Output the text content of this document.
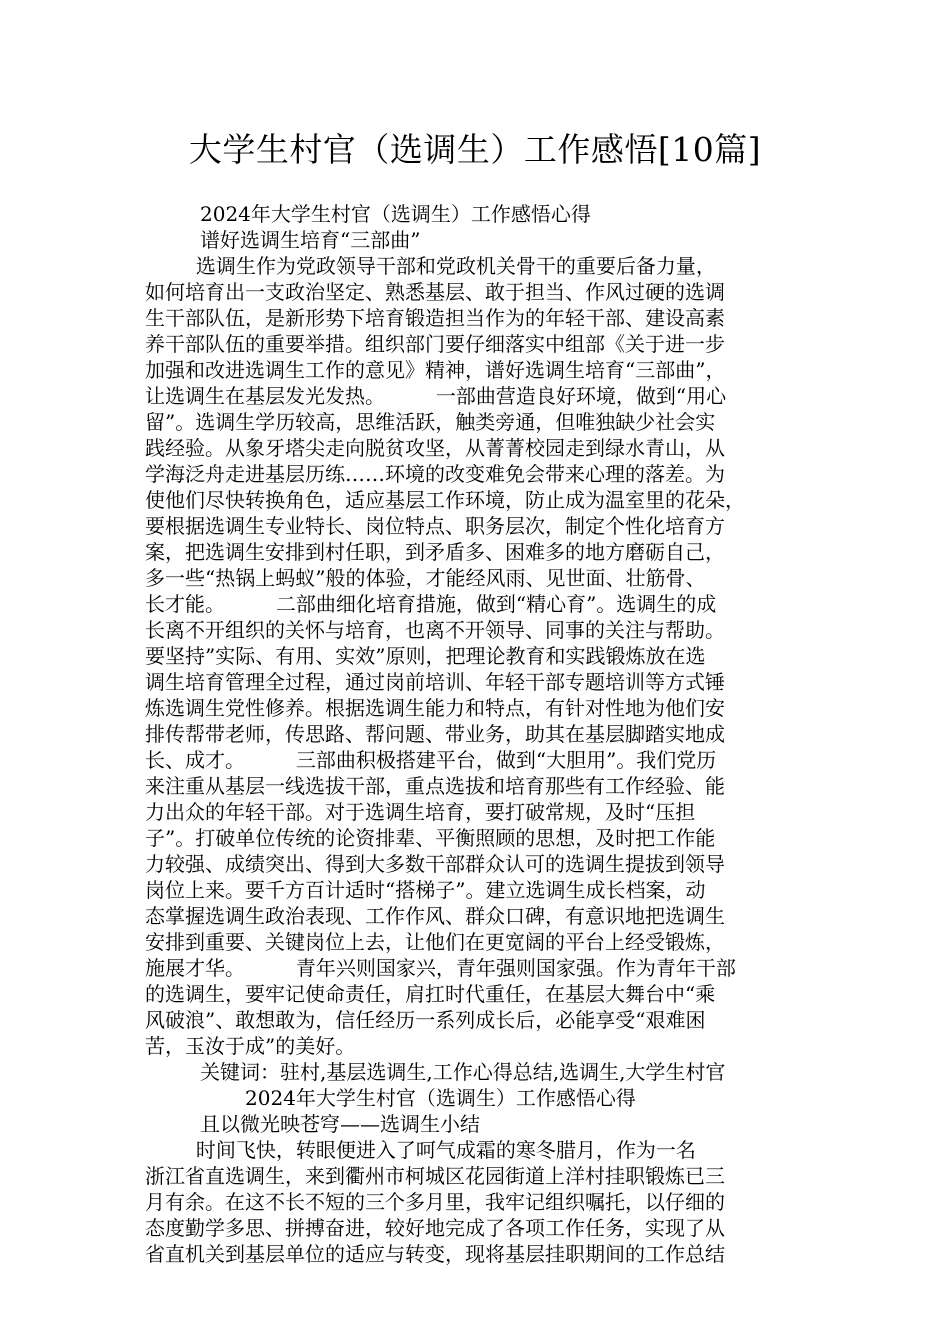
大学生村官（选调生）工作感悟[10篇]
2024年大学生村官（选调生）工作感悟心得
谱好选调生培育“三部曲”
选调生作为党政领导干部和党政机关骨干的重要后备力量，
如何培育出一支政治坚定、熟悉基层、敢于担当、作风过硬的选调
生干部队伍，是新形势下培育锻造担当作为的年轻干部、建设高素
养干部队伍的重要举措。组织部门要仔细落实中组部《关于进一步
加强和改进选调生工作的意见》精神，谱好选调生培育“三部曲”，
让选调生在基层发光发热。        一部曲营造良好环境，做到“用心
留”。选调生学历较高，思维活跃，触类旁通，但唯独缺少社会实
践经验。从象牙塔尖走向脱贫攻坚，从菁菁校园走到绿水青山，从
学海泛舟走进基层历练……环境的改变难免会带来心理的落差。为
使他们尽快转换角色，适应基层工作环境，防止成为温室里的花朵，
要根据选调生专业特长、岗位特点、职务层次，制定个性化培育方
案，把选调生安排到村任职，到矛盾多、困难多的地方磨砺自己，
多一些“热锅上蚂蚁”般的体验，才能经风雨、见世面、壮筋骨、
长才能。        二部曲细化培育措施，做到“精心育”。选调生的成
长离不开组织的关怀与培育，也离不开领导、同事的关注与帮助。
要坚持”实际、有用、实效”原则，把理论教育和实践锻炼放在选
调生培育管理全过程，通过岗前培训、年轻干部专题培训等方式锤
炼选调生党性修养。根据选调生能力和特点，有针对性地为他们安
排传帮带老师，传思路、帮问题、带业务，助其在基层脚踏实地成
长、成才。        三部曲积极搭建平台，做到“大胆用”。我们党历
来注重从基层一线选拔干部，重点选拔和培育那些有工作经验、能
力出众的年轻干部。对于选调生培育，要打破常规，及时“压担
子”。打破单位传统的论资排辈、平衡照顾的思想，及时把工作能
力较强、成绩突出、得到大多数干部群众认可的选调生提拔到领导
岗位上来。要千方百计适时“搭梯子”。建立选调生成长档案，动
态掌握选调生政治表现、工作作风、群众口碑，有意识地把选调生
安排到重要、关键岗位上去，让他们在更宽阔的平台上经受锻炼，
施展才华。        青年兴则国家兴，青年强则国家强。作为青年干部
的选调生，要牢记使命责任，肩扛时代重任，在基层大舞台中“乘
风破浪”、敢想敢为，信任经历一系列成长后，必能享受“艰难困
苦，玉汝于成”的美好。
关键词：驻村,基层选调生,工作心得总结,选调生,大学生村官
2024年大学生村官（选调生）工作感悟心得
且以微光映苍穹——选调生小结
时间飞快，转眼便进入了呵气成霜的寒冬腊月，作为一名
浙江省直选调生，来到衢州市柯城区花园街道上洋村挂职锻炼已三
月有余。在这不长不短的三个多月里，我牢记组织嘱托，以仔细的
态度勤学多思、拼搏奋进，较好地完成了各项工作任务，实现了从
省直机关到基层单位的适应与转变，现将基层挂职期间的工作总结
